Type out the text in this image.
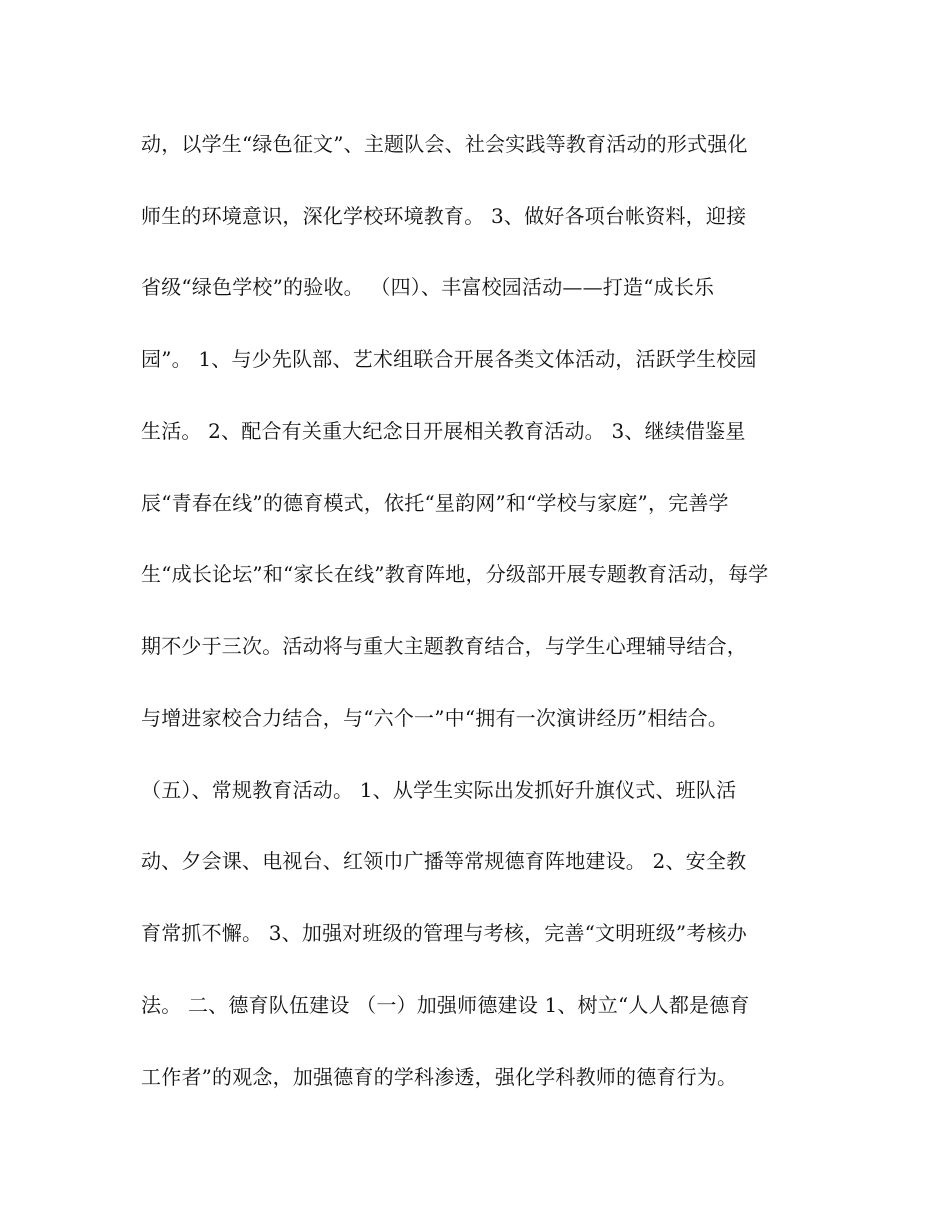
动，以学生“绿色征文”、主题队会、社会实践等教育活动的形式强化
师生的环境意识，深化学校环境教育。 3、做好各项台帐资料，迎接
省级“绿色学校”的验收。 （四）、丰富校园活动——打造“成长乐
园”。 1、与少先队部、艺术组联合开展各类文体活动，活跃学生校园
生活。 2、配合有关重大纪念日开展相关教育活动。 3、继续借鉴星
辰“青春在线”的德育模式，依托“星韵网”和“学校与家庭”，完善学
生“成长论坛”和“家长在线”教育阵地，分级部开展专题教育活动，每学
期不少于三次。活动将与重大主题教育结合，与学生心理辅导结合，
与增进家校合力结合，与“六个一”中“拥有一次演讲经历”相结合。
（五）、常规教育活动。 1、从学生实际出发抓好升旗仪式、班队活
动、夕会课、电视台、红领巾广播等常规德育阵地建设。 2、安全教
育常抓不懈。 3、加强对班级的管理与考核，完善“文明班级”考核办
法。 二、德育队伍建设 （一）加强师德建设 1、树立“人人都是德育
工作者”的观念，加强德育的学科渗透，强化学科教师的德育行为。
